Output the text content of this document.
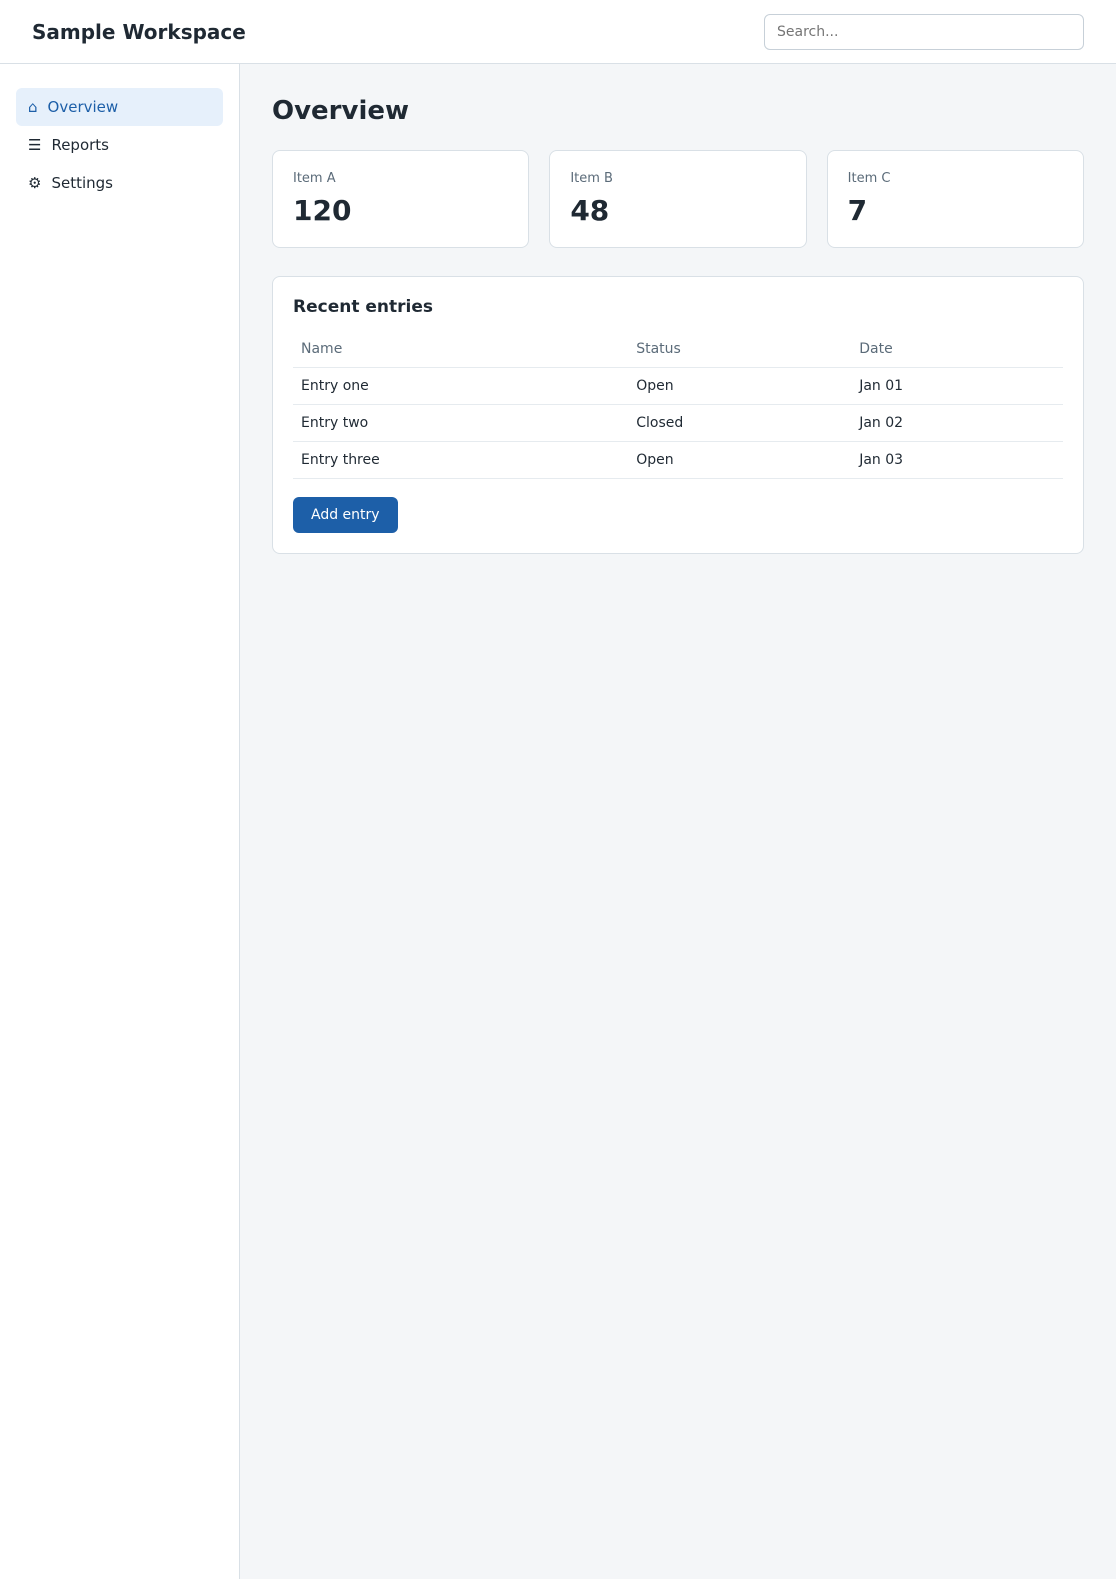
Sample Workspace
Search...
⌂ Overview
☰ Reports
⚙ Settings
Overview
Item A
120
Item B
48
Item C
7
Recent entries
Name	Status	Date
Entry one	Open	Jan 01
Entry two	Closed	Jan 02
Entry three	Open	Jan 03
Add entry
